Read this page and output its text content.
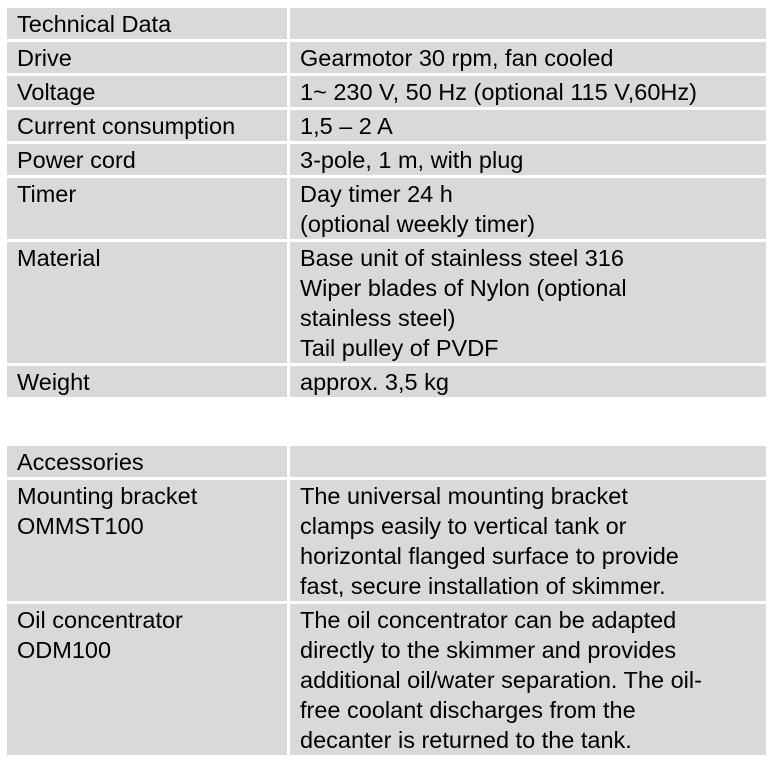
Technical Data	

Drive	Gearmotor 30 rpm, fan cooled

Voltage	1~ 230 V, 50 Hz (optional 115 V,60Hz)

Current consumption	1,5 – 2 A

Power cord	3-pole, 1 m, with plug

Timer	Day timer 24 h
(optional weekly timer)

Material	Base unit of stainless steel 316
Wiper blades of Nylon (optional
stainless steel)
Tail pulley of PVDF

Weight	approx. 3,5 kg
Accessories	

Mounting bracket
OMMST100	The universal mounting bracket
clamps easily to vertical tank or
horizontal flanged surface to provide
fast, secure installation of skimmer.

Oil concentrator
ODM100	The oil concentrator can be adapted
directly to the skimmer and provides
additional oil/water separation. The oil-
free coolant discharges from the
decanter is returned to the tank.
